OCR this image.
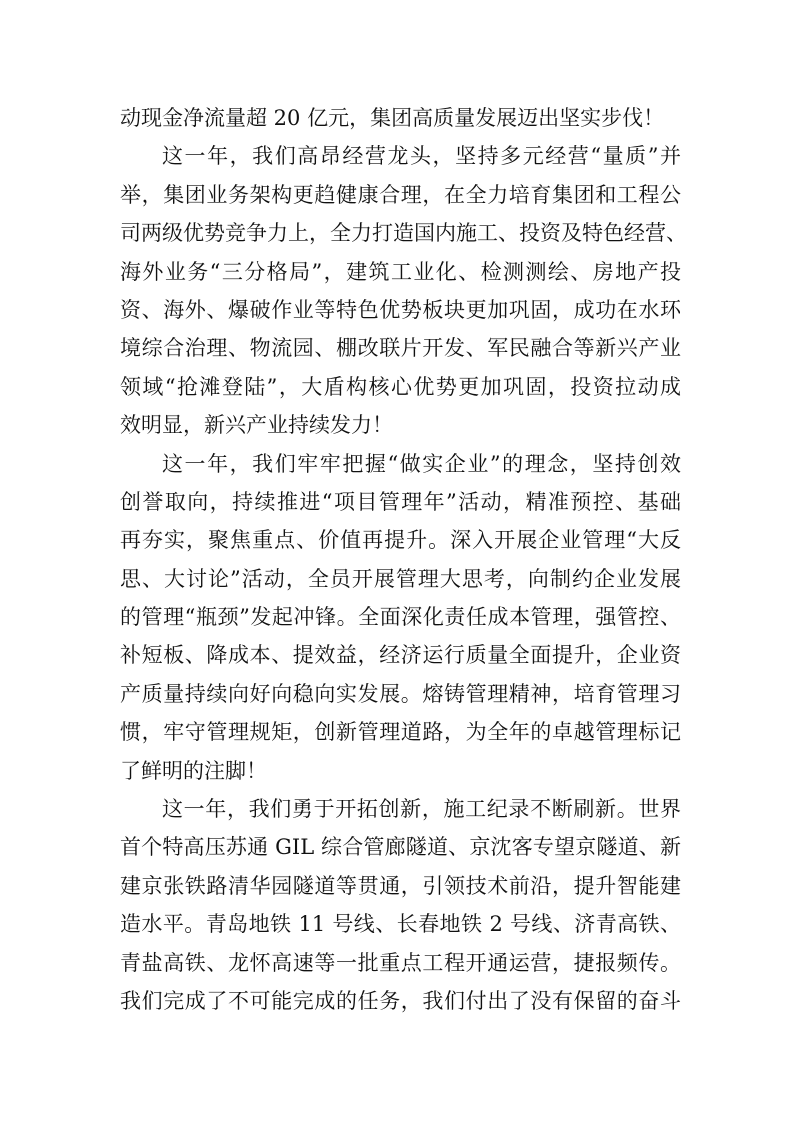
动现金净流量超 20 亿元，集团高质量发展迈出坚实步伐！
这一年，我们高昂经营龙头，坚持多元经营“量质”并
举，集团业务架构更趋健康合理，在全力培育集团和工程公
司两级优势竞争力上，全力打造国内施工、投资及特色经营、
海外业务“三分格局”，建筑工业化、检测测绘、房地产投
资、海外、爆破作业等特色优势板块更加巩固，成功在水环
境综合治理、物流园、棚改联片开发、军民融合等新兴产业
领域“抢滩登陆”，大盾构核心优势更加巩固，投资拉动成
效明显，新兴产业持续发力！
这一年，我们牢牢把握“做实企业”的理念，坚持创效
创誉取向，持续推进“项目管理年”活动，精准预控、基础
再夯实，聚焦重点、价值再提升。深入开展企业管理“大反
思、大讨论”活动，全员开展管理大思考，向制约企业发展
的管理“瓶颈”发起冲锋。全面深化责任成本管理，强管控、
补短板、降成本、提效益，经济运行质量全面提升，企业资
产质量持续向好向稳向实发展。熔铸管理精神，培育管理习
惯，牢守管理规矩，创新管理道路，为全年的卓越管理标记
了鲜明的注脚！
这一年，我们勇于开拓创新，施工纪录不断刷新。世界
首个特高压苏通 GIL 综合管廊隧道、京沈客专望京隧道、新
建京张铁路清华园隧道等贯通，引领技术前沿，提升智能建
造水平。青岛地铁 11 号线、长春地铁 2 号线、济青高铁、
青盐高铁、龙怀高速等一批重点工程开通运营，捷报频传。
我们完成了不可能完成的任务，我们付出了没有保留的奋斗
